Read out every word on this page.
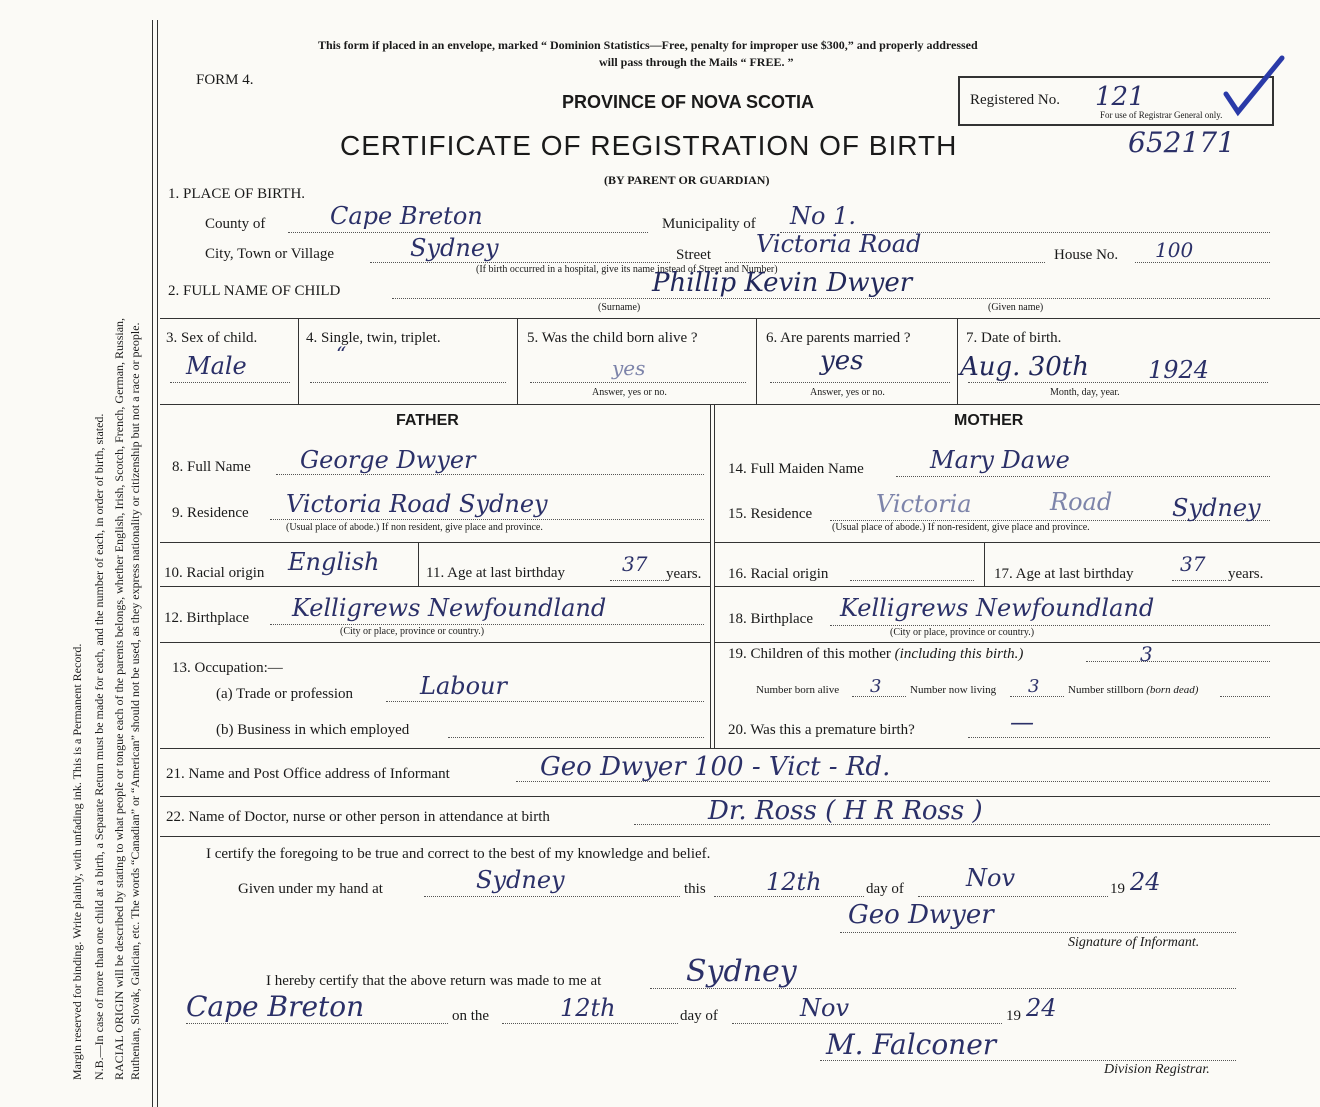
Margin reserved for binding. Write plainly, with unfading ink. This is a Permanent Record. N.B.—In case of more than one child at a birth, a Separate Return must be made for each, and the number of each, in order of birth, stated. RACIAL ORIGIN will be described by stating to what people or tongue each of the parents belongs, whether English, Irish, Scotch, French, German, Russian, Ruthenian, Slovak, Galician, etc. The words “Canadian” or “American” should not be used, as they express nationality or citizenship but not a race or people.
This form if placed in an envelope, marked “ Dominion Statistics—Free, penalty for improper use $300,” and properly addressed
will pass through the Mails “ FREE. ”
FORM 4.
PROVINCE OF NOVA SCOTIA
CERTIFICATE OF REGISTRATION OF BIRTH
(BY PARENT OR GUARDIAN)
Registered No. 121
For use of Registrar General only.
652171
1. PLACE OF BIRTH.
County of	Cape Breton	Municipality of No 1.
City, Town or Village	Sydney	Street Victoria Road	House No. 100
(If birth occurred in a hospital, give its name instead of Street and Number)
2. FULL NAME OF CHILD	Phillip Kevin Dwyer
(Surname)	(Given name)
3. Sex of child.
Male
4. Single, twin, triplet.
“
5. Was the child born alive ?
yes
Answer, yes or no.
6. Are parents married ?
yes
Answer, yes or no.
7. Date of birth.
Aug. 30th 1924
Month, day, year.
FATHER	MOTHER
8. Full Name George Dwyer
9. Residence Victoria Road Sydney
(Usual place of abode.) If non resident, give place and province.
10. Racial origin English	11. Age at last birthday	37 years.
12. Birthplace Kelligrews Newfoundland
(City or place, province or country.)
13. Occupation:—
(a) Trade or profession	Labour
(b) Business in which employed
14. Full Maiden Name	Mary Dawe
15. Residence	Victoria	Road Sydney
(Usual place of abode.) If non-resident, give place and province.
16. Racial origin	17. Age at last birthday 37 years.
18. Birthplace Kelligrews Newfoundland
(City or place, province or country.)
19. Children of this mother (including this birth.)	3
Number born alive 3	Number now living 3	Number stillborn (born dead)
20. Was this a premature birth?	—
21. Name and Post Office address of Informant	Geo Dwyer 100 - Vict - Rd.
22. Name of Doctor, nurse or other person in attendance at birth	Dr. Ross ( H R Ross )
I certify the foregoing to be true and correct to the best of my knowledge and belief.
Given under my hand at	Sydney	this	12th	day of	Nov	19 24
Geo Dwyer
Signature of Informant.
I hereby certify that the above return was made to me at	Sydney
Cape Breton	on the	12th	day of	Nov	19 24
M. Falconer
Division Registrar.
